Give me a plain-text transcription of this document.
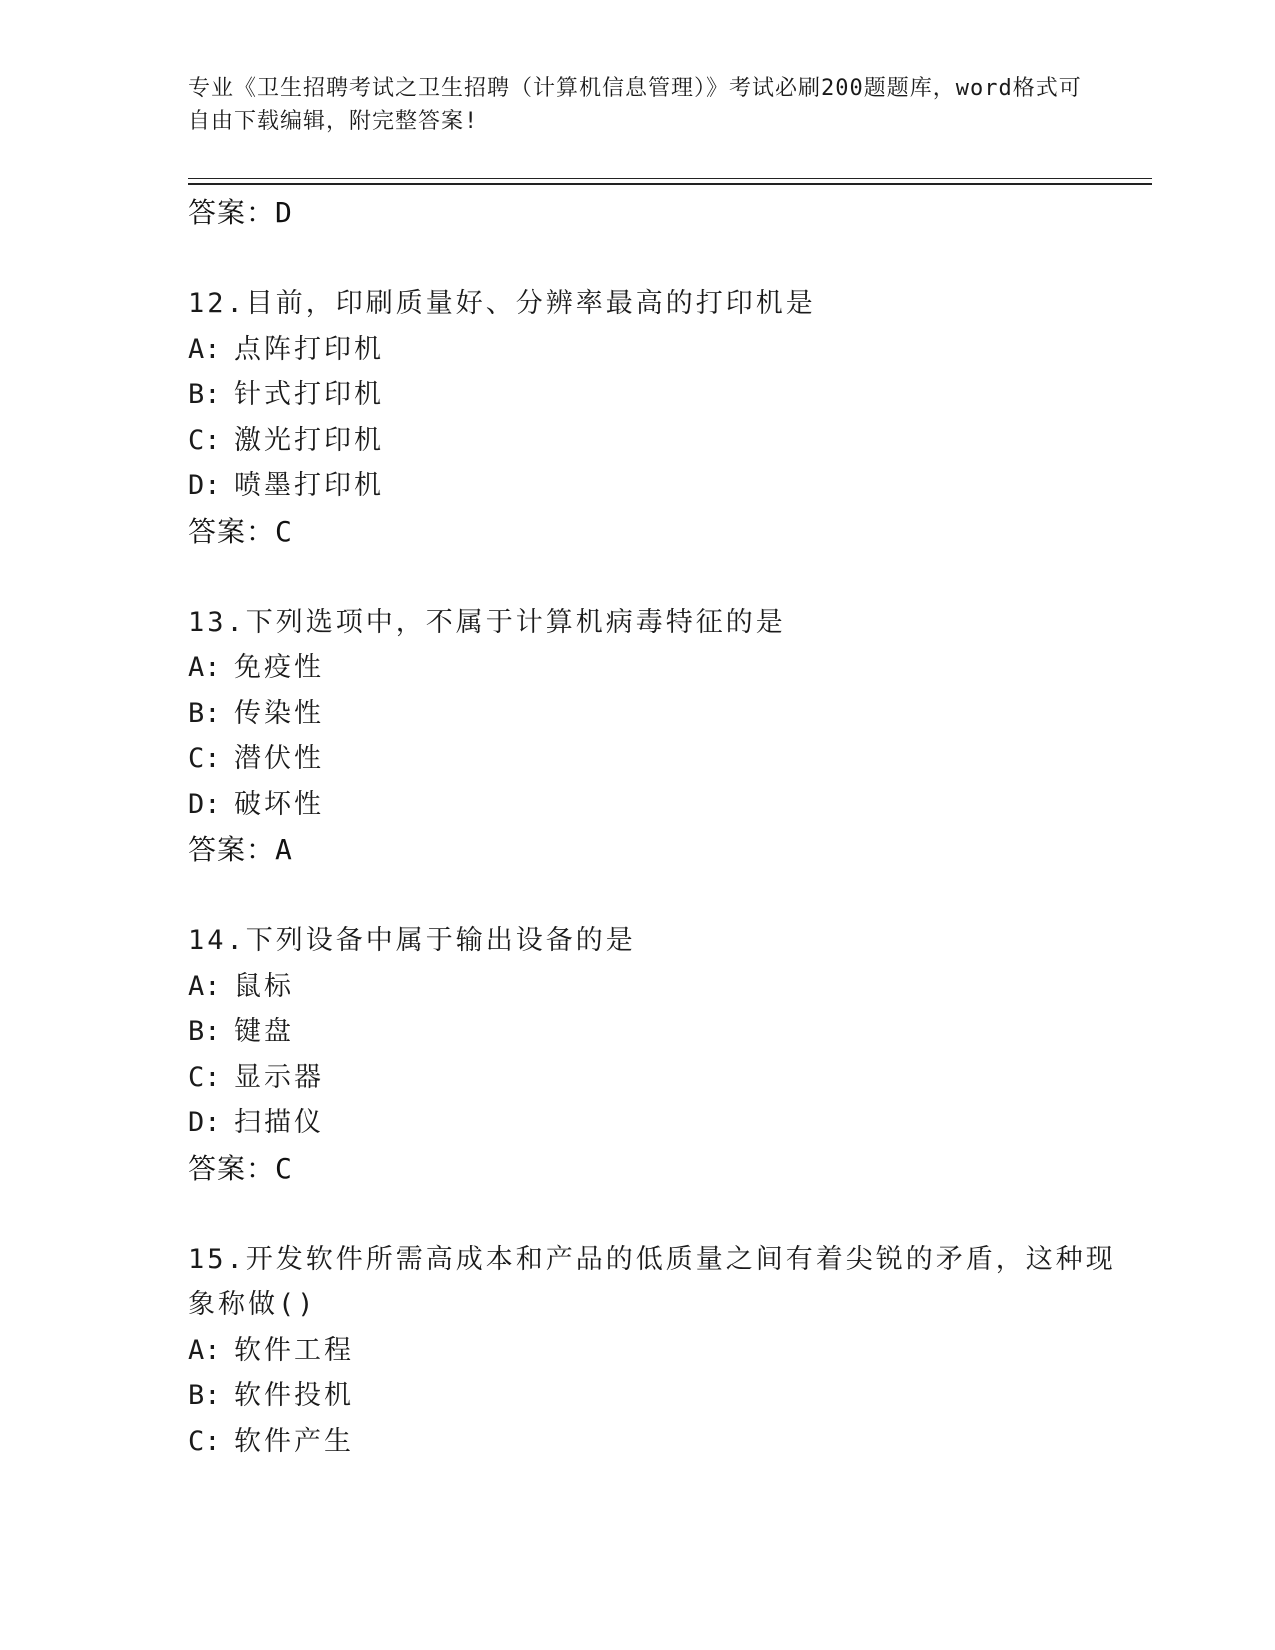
专业《卫生招聘考试之卫生招聘（计算机信息管理）》考试必刷200题题库，word格式可自由下载编辑，附完整答案!
答案：D
12.目前，印刷质量好、分辨率最高的打印机是
A: 点阵打印机
B: 针式打印机
C: 激光打印机
D: 喷墨打印机
答案：C
13.下列选项中，不属于计算机病毒特征的是
A: 免疫性
B: 传染性
C: 潜伏性
D: 破坏性
答案：A
14.下列设备中属于输出设备的是
A: 鼠标
B: 键盘
C: 显示器
D: 扫描仪
答案：C
15.开发软件所需高成本和产品的低质量之间有着尖锐的矛盾，这种现
象称做()
A: 软件工程
B: 软件投机
C: 软件产生
